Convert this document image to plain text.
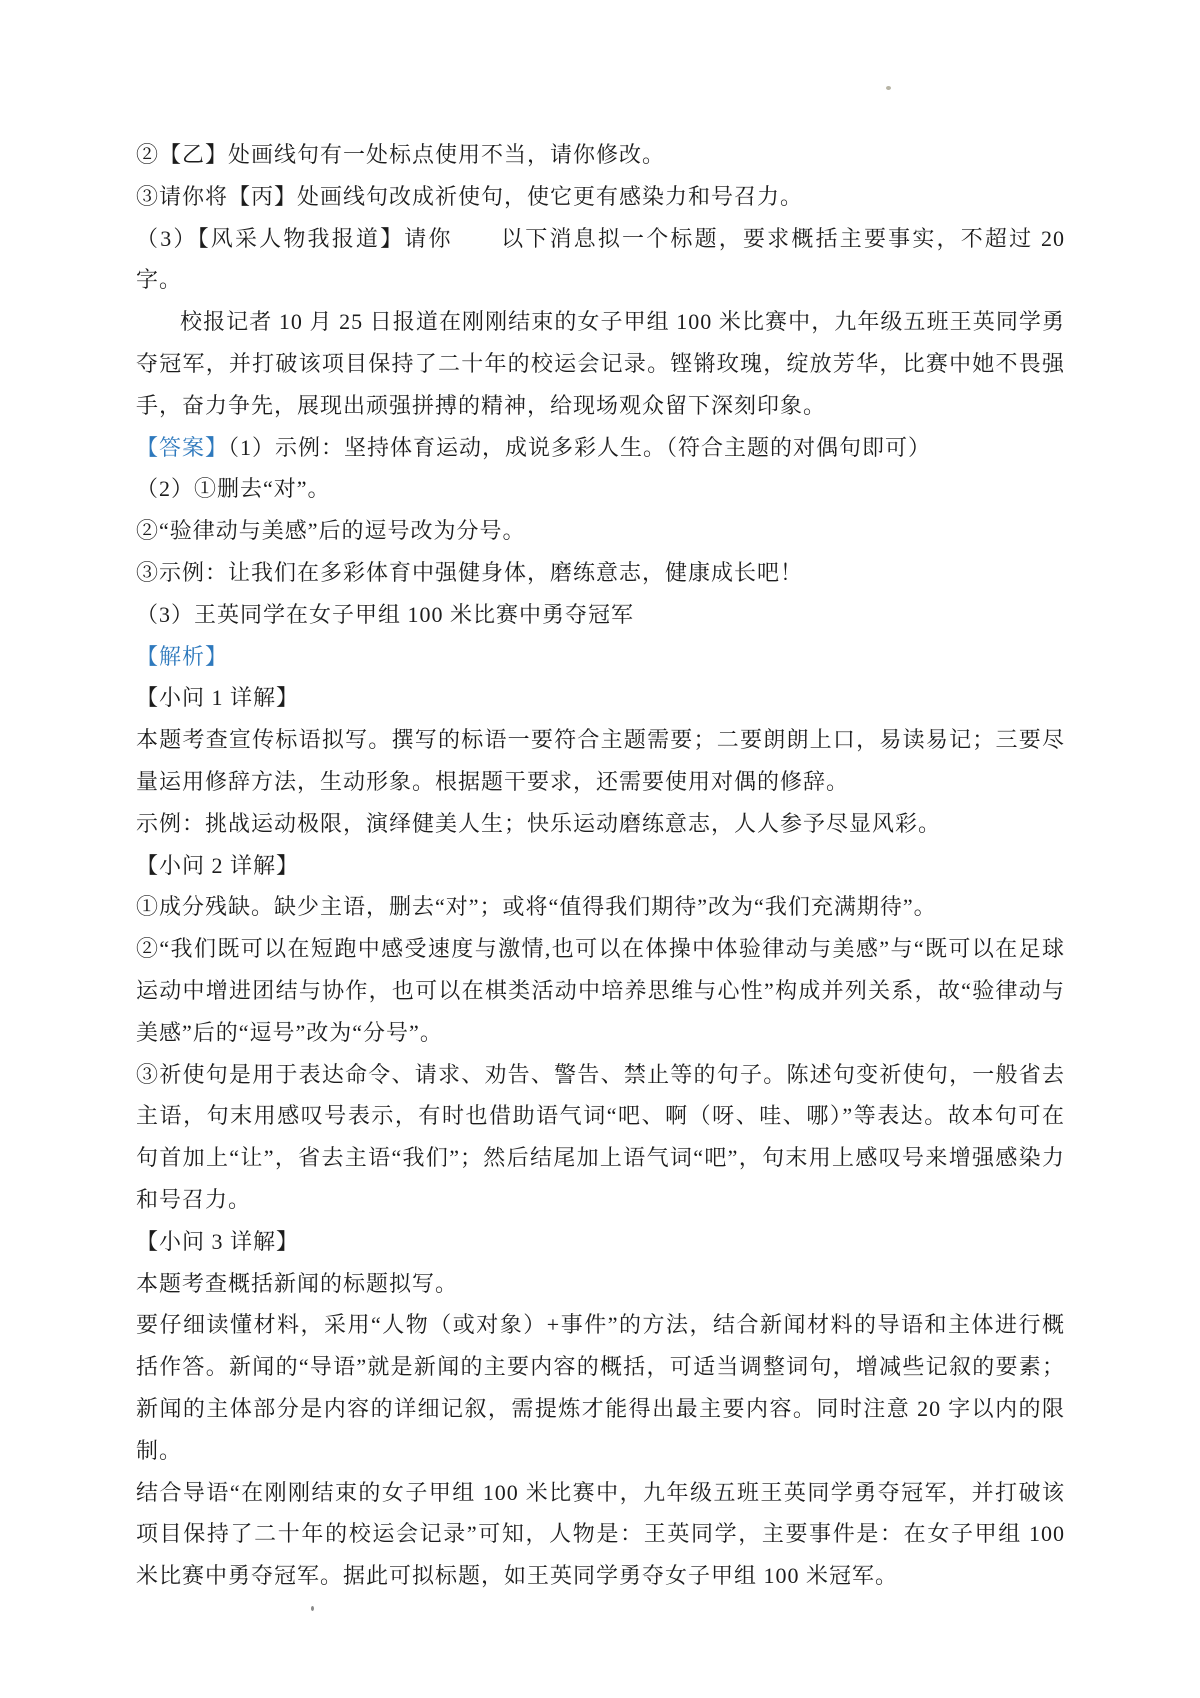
②【乙】处画线句有一处标点使用不当，请你修改。

③请你将【丙】处画线句改成祈使句，使它更有感染力和号召力。

（3）【风采人物我报道】请你　　以下消息拟一个标题，要求概括主要事实，不超过 20 字。

校报记者 10 月 25 日报道在刚刚结束的女子甲组 100 米比赛中，九年级五班王英同学勇夺冠军，并打破该项目保持了二十年的校运会记录。铿锵玫瑰，绽放芳华，比赛中她不畏强手，奋力争先，展现出顽强拼搏的精神，给现场观众留下深刻印象。

【答案】（1）示例：坚持体育运动，成说多彩人生。（符合主题的对偶句即可）

（2）①删去“对”。

②“验律动与美感”后的逗号改为分号。

③示例：让我们在多彩体育中强健身体，磨练意志，健康成长吧！

（3）王英同学在女子甲组 100 米比赛中勇夺冠军

【解析】

【小问 1 详解】

本题考查宣传标语拟写。撰写的标语一要符合主题需要；二要朗朗上口，易读易记；三要尽量运用修辞方法，生动形象。根据题干要求，还需要使用对偶的修辞。

示例：挑战运动极限，演绎健美人生；快乐运动磨练意志，人人参予尽显风彩。

【小问 2 详解】

①成分残缺。缺少主语，删去“对”；或将“值得我们期待”改为“我们充满期待”。

②“我们既可以在短跑中感受速度与激情,也可以在体操中体验律动与美感”与“既可以在足球运动中增进团结与协作，也可以在棋类活动中培养思维与心性”构成并列关系，故“验律动与美感”后的“逗号”改为“分号”。

③祈使句是用于表达命令、请求、劝告、警告、禁止等的句子。陈述句变祈使句，一般省去主语，句末用感叹号表示，有时也借助语气词“吧、啊（呀、哇、哪）”等表达。故本句可在句首加上“让”，省去主语“我们”；然后结尾加上语气词“吧”，句末用上感叹号来增强感染力和号召力。

【小问 3 详解】

本题考查概括新闻的标题拟写。

要仔细读懂材料，采用“人物（或对象）+事件”的方法，结合新闻材料的导语和主体进行概括作答。新闻的“导语”就是新闻的主要内容的概括，可适当调整词句，增减些记叙的要素；新闻的主体部分是内容的详细记叙，需提炼才能得出最主要内容。同时注意 20 字以内的限制。

结合导语“在刚刚结束的女子甲组 100 米比赛中，九年级五班王英同学勇夺冠军，并打破该项目保持了二十年的校运会记录”可知，人物是：王英同学，主要事件是：在女子甲组 100 米比赛中勇夺冠军。据此可拟标题，如王英同学勇夺女子甲组 100 米冠军。
